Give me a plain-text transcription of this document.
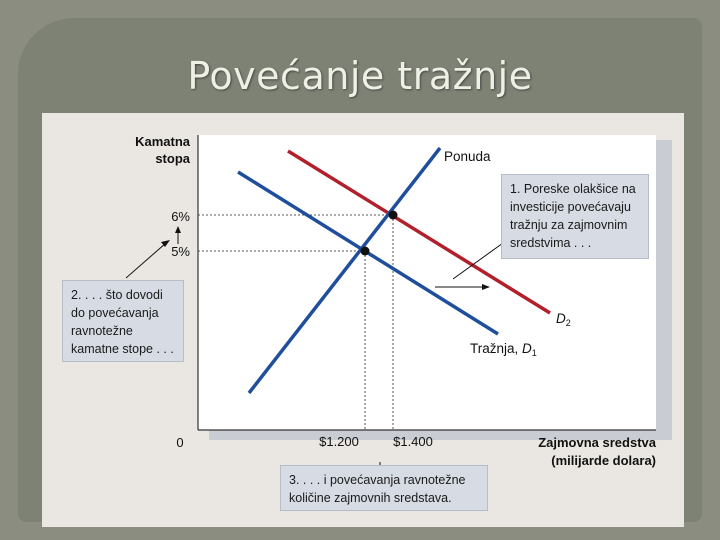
Povećanje tražnje
Kamatna
stopa
6%
5%
0	$1.200	$1.400	Zajmovna sredstva
(milijarde dolara)
Ponuda
Tražnja, $D_1$
$D_2$
1. Poreske olakšice na
investicije povećavaju
tražnju za zajmovnim
sredstvima . . .
2. . . . što dovodi
do povećavanja
ravnotežne
kamatne stope . . .
3. . . . i povećavanja ravnotežne
količine zajmovnih sredstava.
